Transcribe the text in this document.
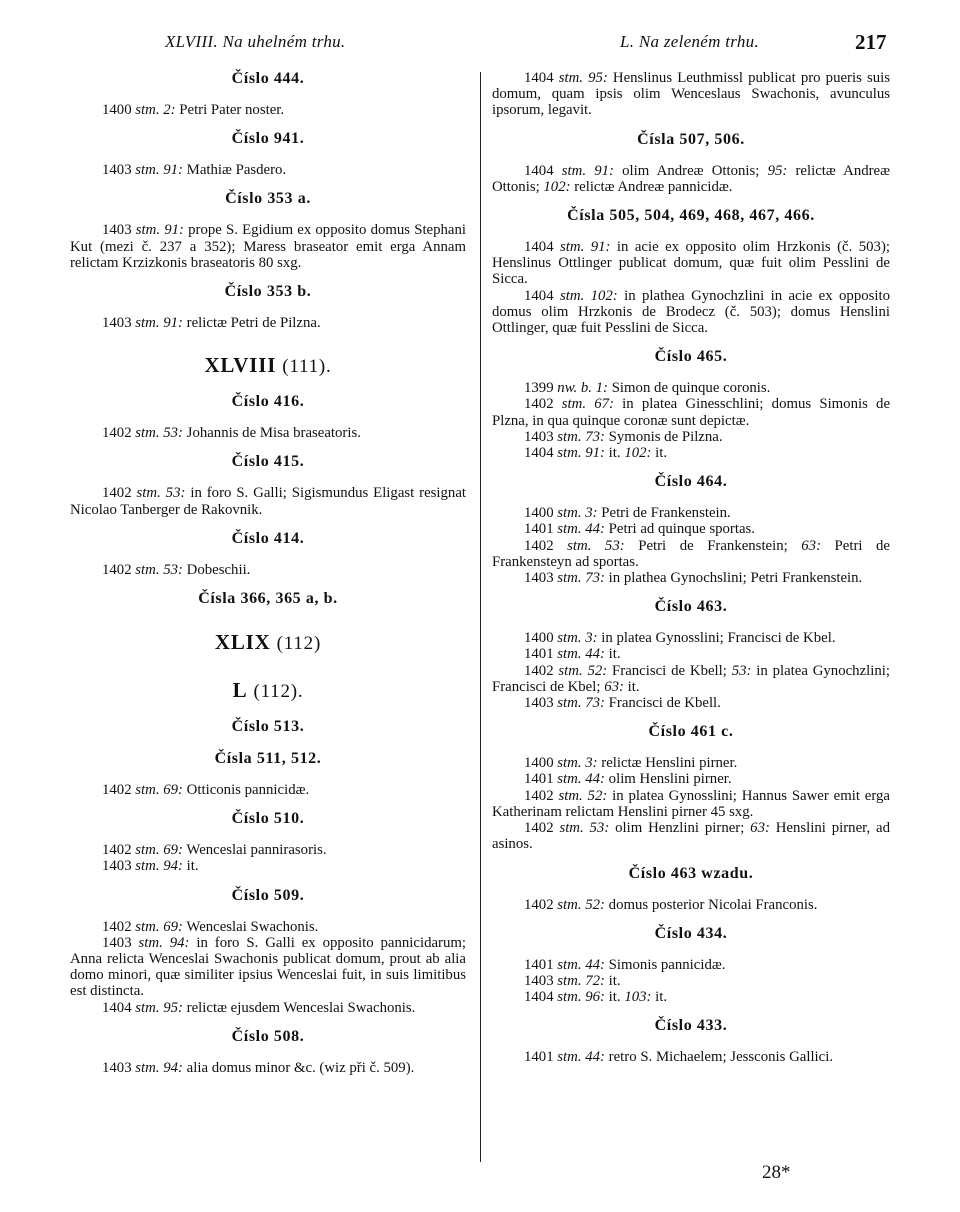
XLVIII. Na uhelném trhu.	L. Na zeleném trhu.	217
Číslo 444.
1400 stm. 2: Petri Pater noster.
Číslo 941.
1403 stm. 91: Mathiæ Pasdero.
Číslo 353 a.
1403 stm. 91: prope S. Egidium ex opposito domus Stephani Kut (mezi č. 237 a 352); Maress braseator emit erga Annam relictam Krzizkonis braseatoris 80 sxg.
Číslo 353 b.
1403 stm. 91: relictæ Petri de Pilzna.
XLVIII (111).
Číslo 416.
1402 stm. 53: Johannis de Misa braseatoris.
Číslo 415.
1402 stm. 53: in foro S. Galli; Sigismundus Eligast resignat Nicolao Tanberger de Rakovnik.
Číslo 414.
1402 stm. 53: Dobeschii.
Čísla 366, 365 a, b.
XLIX (112)
L (112).
Číslo 513.
Čísla 511, 512.
1402 stm. 69: Otticonis pannicidæ.
Číslo 510.
1402 stm. 69: Wenceslai pannirasoris.
1403 stm. 94: it.
Číslo 509.
1402 stm. 69: Wenceslai Swachonis.
1403 stm. 94: in foro S. Galli ex opposito pannicidarum; Anna relicta Wenceslai Swachonis publicat domum, prout ab alia domo minori, quæ similiter ipsius Wenceslai fuit, in suis limitibus est distincta.
1404 stm. 95: relictæ ejusdem Wenceslai Swachonis.
Číslo 508.
1403 stm. 94: alia domus minor &c. (wiz při č. 509).
1404 stm. 95: Henslinus Leuthmissl publicat pro pueris suis domum, quam ipsis olim Wenceslaus Swachonis, avunculus ipsorum, legavit.
Čísla 507, 506.
1404 stm. 91: olim Andreæ Ottonis; 95: relictæ Andreæ Ottonis; 102: relictæ Andreæ pannicidæ.
Čísla 505, 504, 469, 468, 467, 466.
1404 stm. 91: in acie ex opposito olim Hrzkonis (č. 503); Henslinus Ottlinger publicat domum, quæ fuit olim Pesslini de Sicca.
1404 stm. 102: in plathea Gynochzlini in acie ex opposito domus olim Hrzkonis de Brodecz (č. 503); domus Henslini Ottlinger, quæ fuit Pesslini de Sicca.
Číslo 465.
1399 nw. b. 1: Simon de quinque coronis.
1402 stm. 67: in platea Ginesschlini; domus Simonis de Plzna, in qua quinque coronæ sunt depictæ.
1403 stm. 73: Symonis de Pilzna.
1404 stm. 91: it. 102: it.
Číslo 464.
1400 stm. 3: Petri de Frankenstein.
1401 stm. 44: Petri ad quinque sportas.
1402 stm. 53: Petri de Frankenstein; 63: Petri de Frankensteyn ad sportas.
1403 stm. 73: in plathea Gynochslini; Petri Frankenstein.
Číslo 463.
1400 stm. 3: in platea Gynosslini; Francisci de Kbel.
1401 stm. 44: it.
1402 stm. 52: Francisci de Kbell; 53: in platea Gynochzlini; Francisci de Kbel; 63: it.
1403 stm. 73: Francisci de Kbell.
Číslo 461 c.
1400 stm. 3: relictæ Henslini pirner.
1401 stm. 44: olim Henslini pirner.
1402 stm. 52: in platea Gynosslini; Hannus Sawer emit erga Katherinam relictam Henslini pirner 45 sxg.
1402 stm. 53: olim Henzlini pirner; 63: Henslini pirner, ad asinos.
Číslo 463 wzadu.
1402 stm. 52: domus posterior Nicolai Franconis.
Číslo 434.
1401 stm. 44: Simonis pannicidæ.
1403 stm. 72: it.
1404 stm. 96: it. 103: it.
Číslo 433.
1401 stm. 44: retro S. Michaelem; Jessconis Gallici.
28*
